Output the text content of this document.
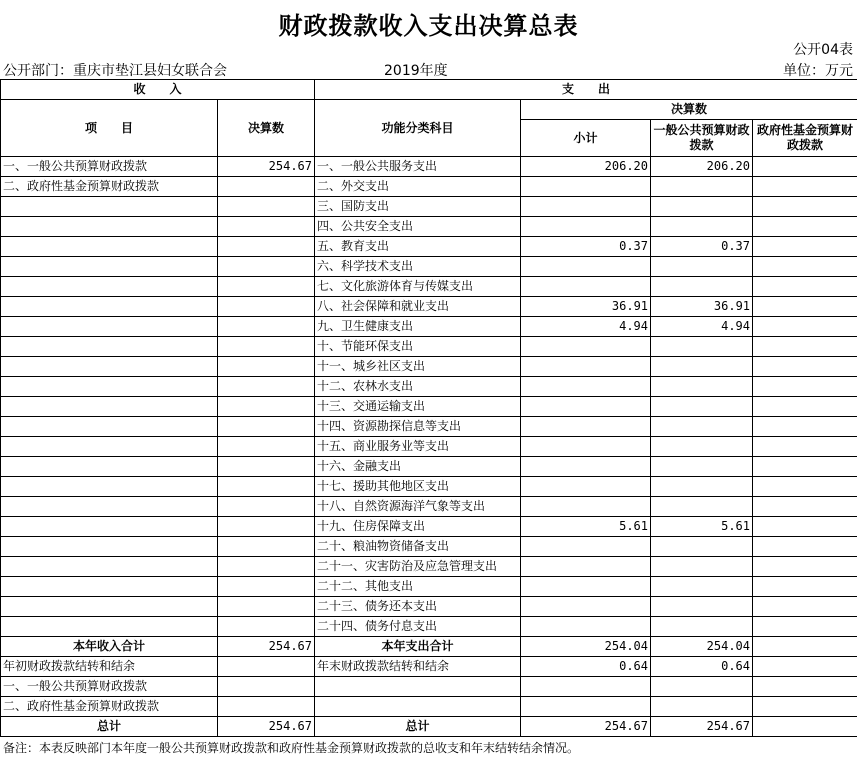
财政拨款收入支出决算总表
公开04表
公开部门：重庆市垫江县妇女联合会	2019年度	单位：万元
收　　入		支　　出			
项　　目	决算数	功能分类科目	决算数		
			小计	一般公共预算财政拨款	政府性基金预算财政拨款
一、一般公共预算财政拨款	254.67	一、一般公共服务支出	206.20	206.20	
二、政府性基金预算财政拨款		二、外交支出			
		三、国防支出			
		四、公共安全支出			
		五、教育支出	0.37	0.37	
		六、科学技术支出			
		七、文化旅游体育与传媒支出			
		八、社会保障和就业支出	36.91	36.91	
		九、卫生健康支出	4.94	4.94	
		十、节能环保支出			
		十一、城乡社区支出			
		十二、农林水支出			
		十三、交通运输支出			
		十四、资源勘探信息等支出			
		十五、商业服务业等支出			
		十六、金融支出			
		十七、援助其他地区支出			
		十八、自然资源海洋气象等支出			
		十九、住房保障支出	5.61	5.61	
		二十、粮油物资储备支出			
		二十一、灾害防治及应急管理支出			
		二十二、其他支出			
		二十三、债务还本支出			
		二十四、债务付息支出			
本年收入合计	254.67	本年支出合计	254.04	254.04	
年初财政拨款结转和结余		年末财政拨款结转和结余	0.64	0.64	
一、一般公共预算财政拨款					
二、政府性基金预算财政拨款					
总计	254.67	总计	254.67	254.67	
备注：本表反映部门本年度一般公共预算财政拨款和政府性基金预算财政拨款的总收支和年末结转结余情况。
